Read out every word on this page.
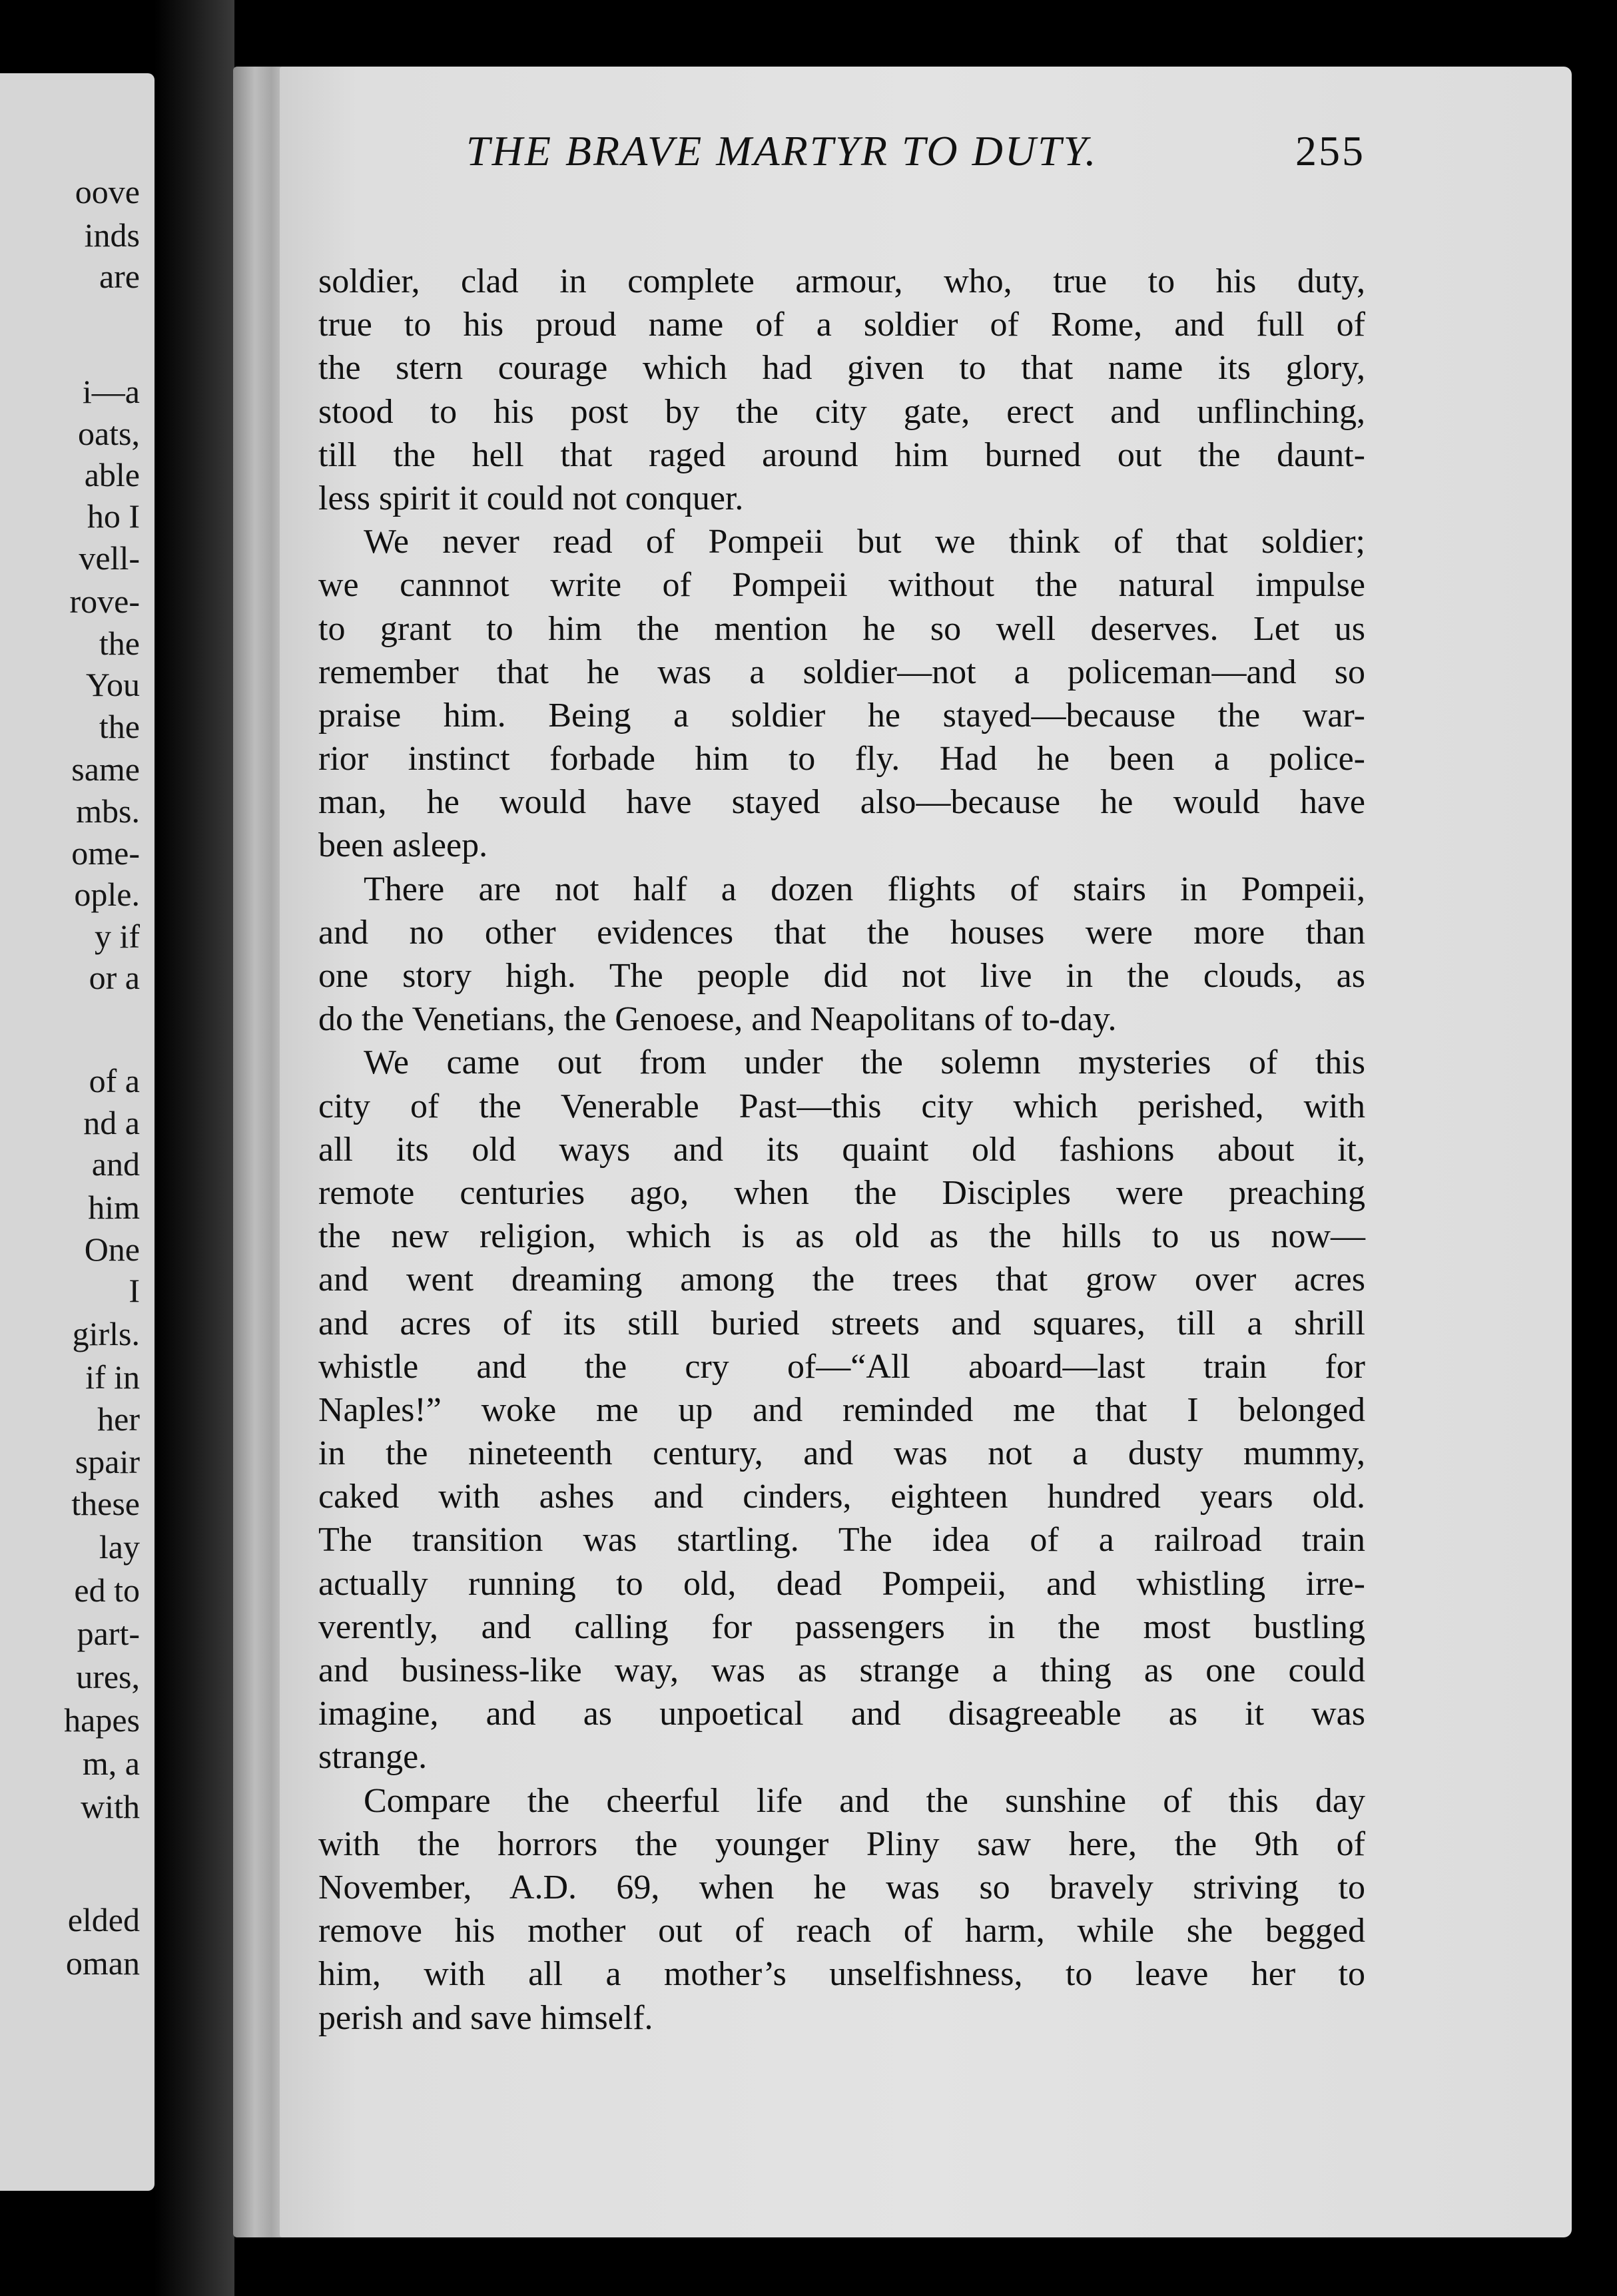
oove
inds
are
i—a
oats,
able
ho I
vell-
rove-
the
You
the
same
mbs.
ome-
ople.
y if
or a
of a
nd a
and
him
One
I
girls.
if in
her
spair
these
lay
ed to
part-
ures,
hapes
m, a
with
elded
oman
THE BRAVE MARTYR TO DUTY.	255
soldier, clad in complete armour, who, true to his duty,
true to his proud name of a soldier of Rome, and full of
the stern courage which had given to that name its glory,
stood to his post by the city gate, erect and unflinching,
till the hell that raged around him burned out the daunt-
less spirit it could not conquer.
We never read of Pompeii but we think of that soldier;
we cannnot write of Pompeii without the natural impulse
to grant to him the mention he so well deserves. Let us
remember that he was a soldier—not a policeman—and so
praise him. Being a soldier he stayed—because the war-
rior instinct forbade him to fly. Had he been a police-
man, he would have stayed also—because he would have
been asleep.
There are not half a dozen flights of stairs in Pompeii,
and no other evidences that the houses were more than
one story high. The people did not live in the clouds, as
do the Venetians, the Genoese, and Neapolitans of to-day.
We came out from under the solemn mysteries of this
city of the Venerable Past—this city which perished, with
all its old ways and its quaint old fashions about it,
remote centuries ago, when the Disciples were preaching
the new religion, which is as old as the hills to us now—
and went dreaming among the trees that grow over acres
and acres of its still buried streets and squares, till a shrill
whistle and the cry of—“All aboard—last train for
Naples!” woke me up and reminded me that I belonged
in the nineteenth century, and was not a dusty mummy,
caked with ashes and cinders, eighteen hundred years old.
The transition was startling. The idea of a railroad train
actually running to old, dead Pompeii, and whistling irre-
verently, and calling for passengers in the most bustling
and business-like way, was as strange a thing as one could
imagine, and as unpoetical and disagreeable as it was
strange.
Compare the cheerful life and the sunshine of this day
with the horrors the younger Pliny saw here, the 9th of
November, A.D. 69, when he was so bravely striving to
remove his mother out of reach of harm, while she begged
him, with all a mother’s unselfishness, to leave her to
perish and save himself.
